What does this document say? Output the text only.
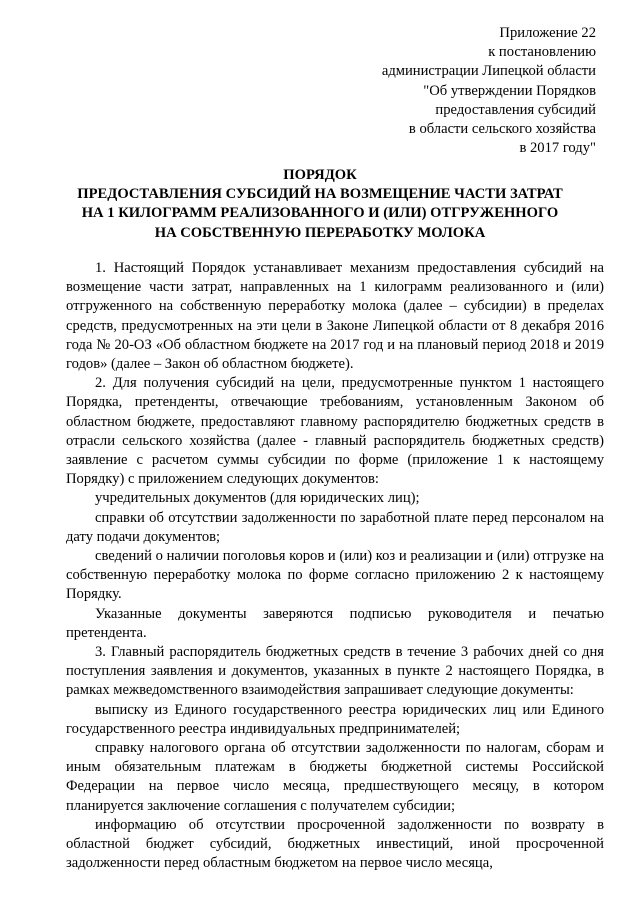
Приложение 22
к постановлению
администрации Липецкой области
"Об утверждении Порядков
предоставления субсидий
в области сельского хозяйства
в 2017 году"
ПОРЯДОК
ПРЕДОСТАВЛЕНИЯ СУБСИДИЙ НА ВОЗМЕЩЕНИЕ ЧАСТИ ЗАТРАТ
НА 1 КИЛОГРАММ РЕАЛИЗОВАННОГО И (ИЛИ) ОТГРУЖЕННОГО
НА СОБСТВЕННУЮ ПЕРЕРАБОТКУ МОЛОКА

1. Настоящий Порядок устанавливает механизм предоставления субсидий на возмещение части затрат, направленных на 1 килограмм реализованного и (или) отгруженного на собственную переработку молока (далее – субсидии) в пределах средств, предусмотренных на эти цели в Законе Липецкой области от 8 декабря 2016 года № 20-ОЗ «Об областном бюджете на 2017 год и на плановый период 2018 и 2019 годов» (далее – Закон об областном бюджете).

2. Для получения субсидий на цели, предусмотренные пунктом 1 настоящего Порядка, претенденты, отвечающие требованиям, установленным Законом об областном бюджете, предоставляют главному распорядителю бюджетных средств в отрасли сельского хозяйства (далее - главный распорядитель бюджетных средств) заявление с расчетом суммы субсидии по форме (приложение 1 к настоящему Порядку) с приложением следующих документов:

учредительных документов (для юридических лиц);

справки об отсутствии задолженности по заработной плате перед персоналом на дату подачи документов;

сведений о наличии поголовья коров и (или) коз и реализации и (или) отгрузке на собственную переработку молока по форме согласно приложению 2 к настоящему Порядку.

Указанные документы заверяются подписью руководителя и печатью претендента.

3. Главный распорядитель бюджетных средств в течение 3 рабочих дней со дня поступления заявления и документов, указанных в пункте 2 настоящего Порядка, в рамках межведомственного взаимодействия запрашивает следующие документы:

выписку из Единого государственного реестра юридических лиц или Единого государственного реестра индивидуальных предпринимателей;

справку налогового органа об отсутствии задолженности по налогам, сборам и иным обязательным платежам в бюджеты бюджетной системы Российской Федерации на первое число месяца, предшествующего месяцу, в котором планируется заключение соглашения с получателем субсидии;

информацию об отсутствии просроченной задолженности по возврату в областной бюджет субсидий, бюджетных инвестиций, иной просроченной задолженности перед областным бюджетом на первое число месяца,
